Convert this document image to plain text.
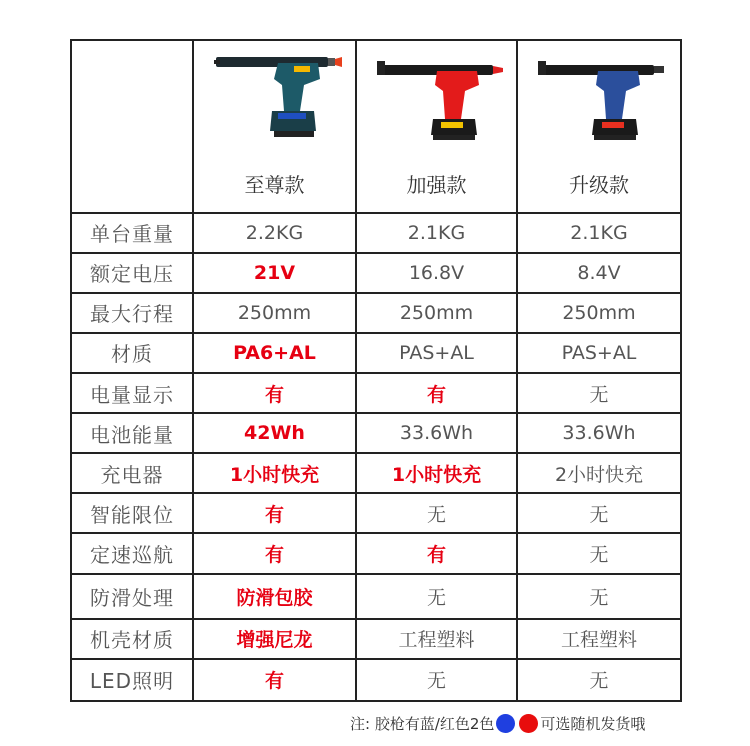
	至尊款	加强款	升级款

单台重量	2.2KG	2.1KG	2.1KG
额定电压	21V	16.8V	8.4V
最大行程	250mm	250mm	250mm
材质	PA6+AL	PAS+AL	PAS+AL
电量显示	有	有	无
电池能量	42Wh	33.6Wh	33.6Wh
充电器	1小时快充	1小时快充	2小时快充
智能限位	有	无	无
定速巡航	有	有	无
防滑处理	防滑包胶	无	无
机壳材质	增强尼龙	工程塑料	工程塑料
LED照明	有	无	无
注: 胶枪有蓝/红色2色	可选随机发货哦
